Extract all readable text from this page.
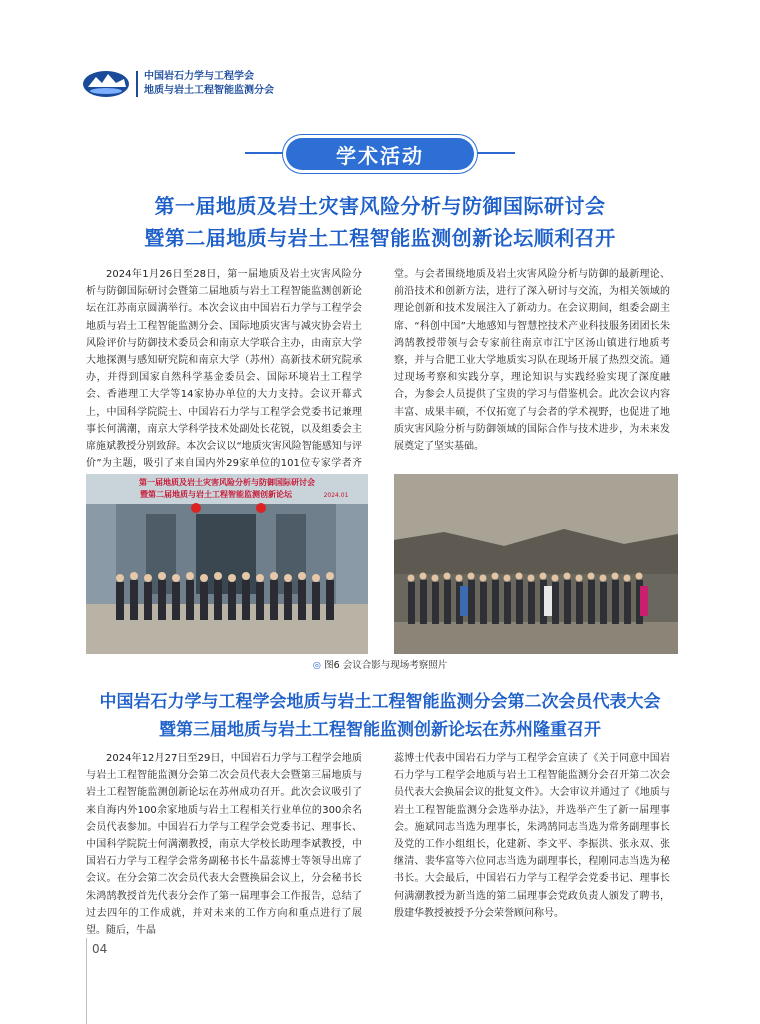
中国岩石力学与工程学会
地质与岩土工程智能监测分会
学术活动
第一届地质及岩土灾害风险分析与防御国际研讨会
暨第二届地质与岩土工程智能监测创新论坛顺利召开
2024年1月26日至28日，第一届地质及岩土灾害风险分析与防御国际研讨会暨第二届地质与岩土工程智能监测创新论坛在江苏南京圆满举行。本次会议由中国岩石力学与工程学会地质与岩土工程智能监测分会、国际地质灾害与减灾协会岩土风险评价与防御技术委员会和南京大学联合主办，由南京大学大地探测与感知研究院和南京大学（苏州）高新技术研究院承办，并得到国家自然科学基金委员会、国际环境岩土工程学会、香港理工大学等14家协办单位的大力支持。会议开幕式上，中国科学院院士、中国岩石力学与工程学会党委书记兼理事长何满潮，南京大学科学技术处副处长花锐，以及组委会主席施斌教授分别致辞。本次会议以“地质灾害风险智能感知与评价”为主题，吸引了来自国内外29家单位的101位专家学者齐
堂。与会者围绕地质及岩土灾害风险分析与防御的最新理论、前沿技术和创新方法，进行了深入研讨与交流，为相关领域的理论创新和技术发展注入了新动力。在会议期间，组委会副主席、“科创中国”大地感知与智慧控技术产业科技服务团团长朱鸿鹄教授带领与会专家前往南京市江宁区汤山镇进行地质考察，并与合肥工业大学地质实习队在现场开展了热烈交流。通过现场考察和实践分享，理论知识与实践经验实现了深度融合，为参会人员提供了宝贵的学习与借鉴机会。此次会议内容丰富、成果丰硕，不仅拓宽了与会者的学术视野，也促进了地质灾害风险分析与防御领域的国际合作与技术进步，为未来发展奠定了坚实基础。
第一届地质及岩土灾害风险分析与防御国际研讨会
暨第二届地质与岩土工程智能监测创新论坛	2024.01
◎ 图6 会议合影与现场考察照片
中国岩石力学与工程学会地质与岩土工程智能监测分会第二次会员代表大会
暨第三届地质与岩土工程智能监测创新论坛在苏州隆重召开
2024年12月27日至29日，中国岩石力学与工程学会地质与岩土工程智能监测分会第二次会员代表大会暨第三届地质与岩土工程智能监测创新论坛在苏州成功召开。此次会议吸引了来自海内外100余家地质与岩土工程相关行业单位的300余名会员代表参加。中国岩石力学与工程学会党委书记、理事长、中国科学院院士何满潮教授，南京大学校长助理李斌教授，中国岩石力学与工程学会常务副秘书长牛晶蕊博士等领导出席了会议。在分会第二次会员代表大会暨换届会议上，分会秘书长朱鸿鹄教授首先代表分会作了第一届理事会工作报告，总结了过去四年的工作成就，并对未来的工作方向和重点进行了展望。随后，牛晶
蕊博士代表中国岩石力学与工程学会宣读了《关于同意中国岩石力学与工程学会地质与岩土工程智能监测分会召开第二次会员代表大会换届会议的批复文件》。大会审议并通过了《地质与岩土工程智能监测分会选举办法》，并选举产生了新一届理事会。施斌同志当选为理事长，朱鸿鹄同志当选为常务副理事长及党的工作小组组长，化建新、李文平、李振洪、张永双、张继清、裴华富等六位同志当选为副理事长，程刚同志当选为秘书长。大会最后，中国岩石力学与工程学会党委书记、理事长何满潮教授为新当选的第二届理事会党政负责人颁发了聘书，殷建华教授被授予分会荣誉顾问称号。
04
